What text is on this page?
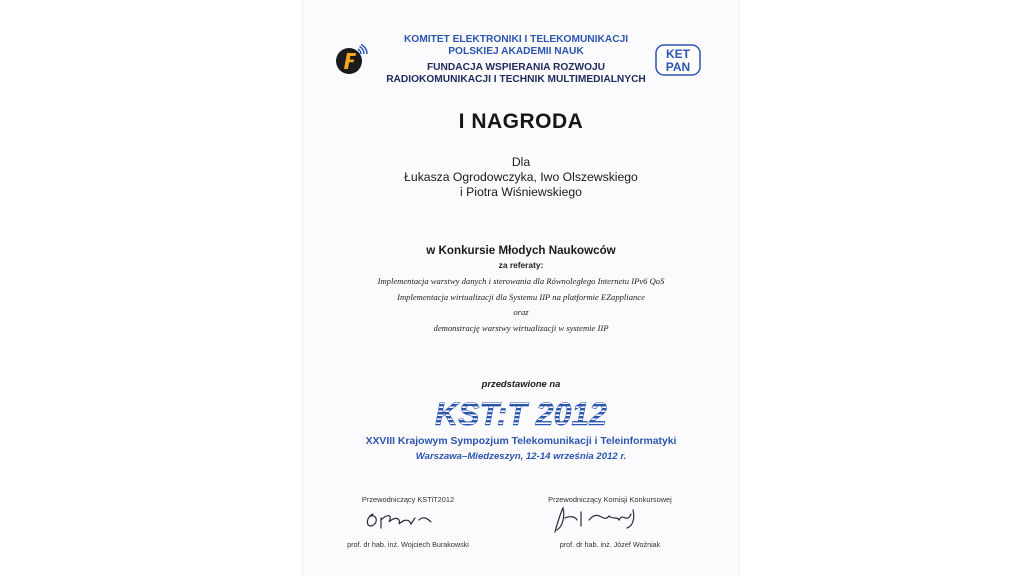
KOMITET ELEKTRONIKI I TELEKOMUNIKACJI
POLSKIEJ AKADEMII NAUK
FUNDACJA WSPIERANIA ROZWOJU
RADIOKOMUNIKACJI I TECHNIK MULTIMEDIALNYCH
KET
PAN
I NAGRODA
Dla
Łukasza Ogrodowczyka, Iwo Olszewskiego
i Piotra Wiśniewskiego
w Konkursie Młodych Naukowców
za referaty:
Implementacja warstwy danych i sterowania dla Równoległego Internetu IPv6 QoS
Implementacja wirtualizacji dla Systemu IIP na platformie EZappliance
oraz
demonstrację warstwy wirtualizacji w systemie IIP
przedstawione na
KST:T 2012
XXVIII Krajowym Sympozjum Telekomunikacji i Teleinformatyki
Warszawa–Miedzeszyn, 12-14 września 2012 r.
Przewodniczący KSTiT2012
prof. dr hab. inż. Wojciech Burakowski
Przewodniczący Komisji Konkursowej
prof. dr hab. inż. Józef Woźniak
